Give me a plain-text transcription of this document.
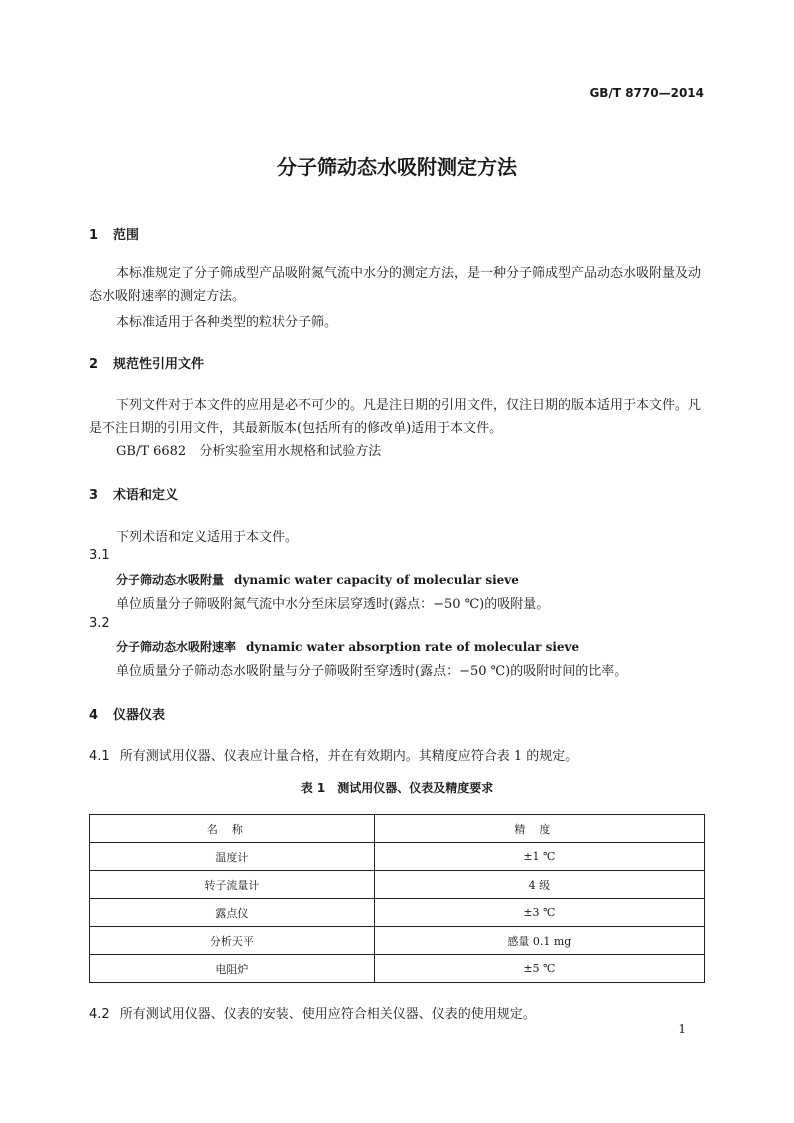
GB/T 8770—2014
分子筛动态水吸附测定方法
1 范围
本标准规定了分子筛成型产品吸附氮气流中水分的测定方法，是一种分子筛成型产品动态水吸附量及动态水吸附速率的测定方法。
本标准适用于各种类型的粒状分子筛。
2 规范性引用文件
下列文件对于本文件的应用是必不可少的。凡是注日期的引用文件，仅注日期的版本适用于本文件。凡是不注日期的引用文件，其最新版本(包括所有的修改单)适用于本文件。
GB/T 6682　分析实验室用水规格和试验方法
3 术语和定义
下列术语和定义适用于本文件。
3.1
分子筛动态水吸附量 dynamic water capacity of molecular sieve
单位质量分子筛吸附氮气流中水分至床层穿透时(露点：−50 ℃)的吸附量。
3.2
分子筛动态水吸附速率 dynamic water absorption rate of molecular sieve
单位质量分子筛动态水吸附量与分子筛吸附至穿透时(露点：−50 ℃)的吸附时间的比率。
4 仪器仪表
4.1 所有测试用仪器、仪表应计量合格，并在有效期内。其精度应符合表 1 的规定。
表 1　测试用仪器、仪表及精度要求
名称	精度
温度计	±1 ℃
转子流量计	4 级
露点仪	±3 ℃
分析天平	感量 0.1 mg
电阻炉	±5 ℃
4.2 所有测试用仪器、仪表的安装、使用应符合相关仪器、仪表的使用规定。
1
